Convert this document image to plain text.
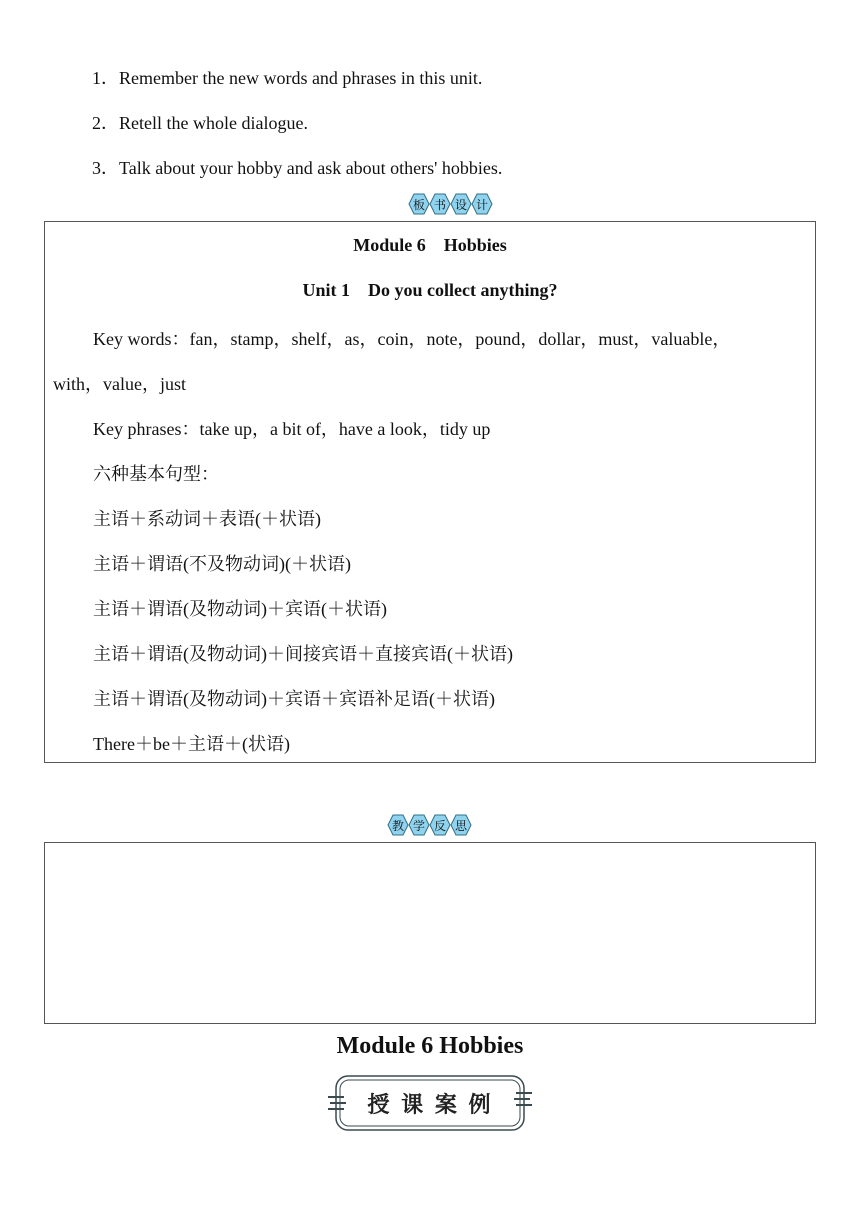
1．Remember the new words and phrases in this unit.
2．Retell the whole dialogue.
3．Talk about your hobby and ask about others' hobbies.
板 书 设 计
Module 6    Hobbies
Unit 1    Do you collect anything?
Key words：fan，stamp，shelf，as，coin，note，pound，dollar，must，valuable，
with，value，just
Key phrases：take up，a bit of，have a look，tidy up
六种基本句型：
主语＋系动词＋表语(＋状语)
主语＋谓语(不及物动词)(＋状语)
主语＋谓语(及物动词)＋宾语(＋状语)
主语＋谓语(及物动词)＋间接宾语＋直接宾语(＋状语)
主语＋谓语(及物动词)＋宾语＋宾语补足语(＋状语)
There＋be＋主语＋(状语)
教 学 反 思
Module 6 Hobbies
授 课 案 例
